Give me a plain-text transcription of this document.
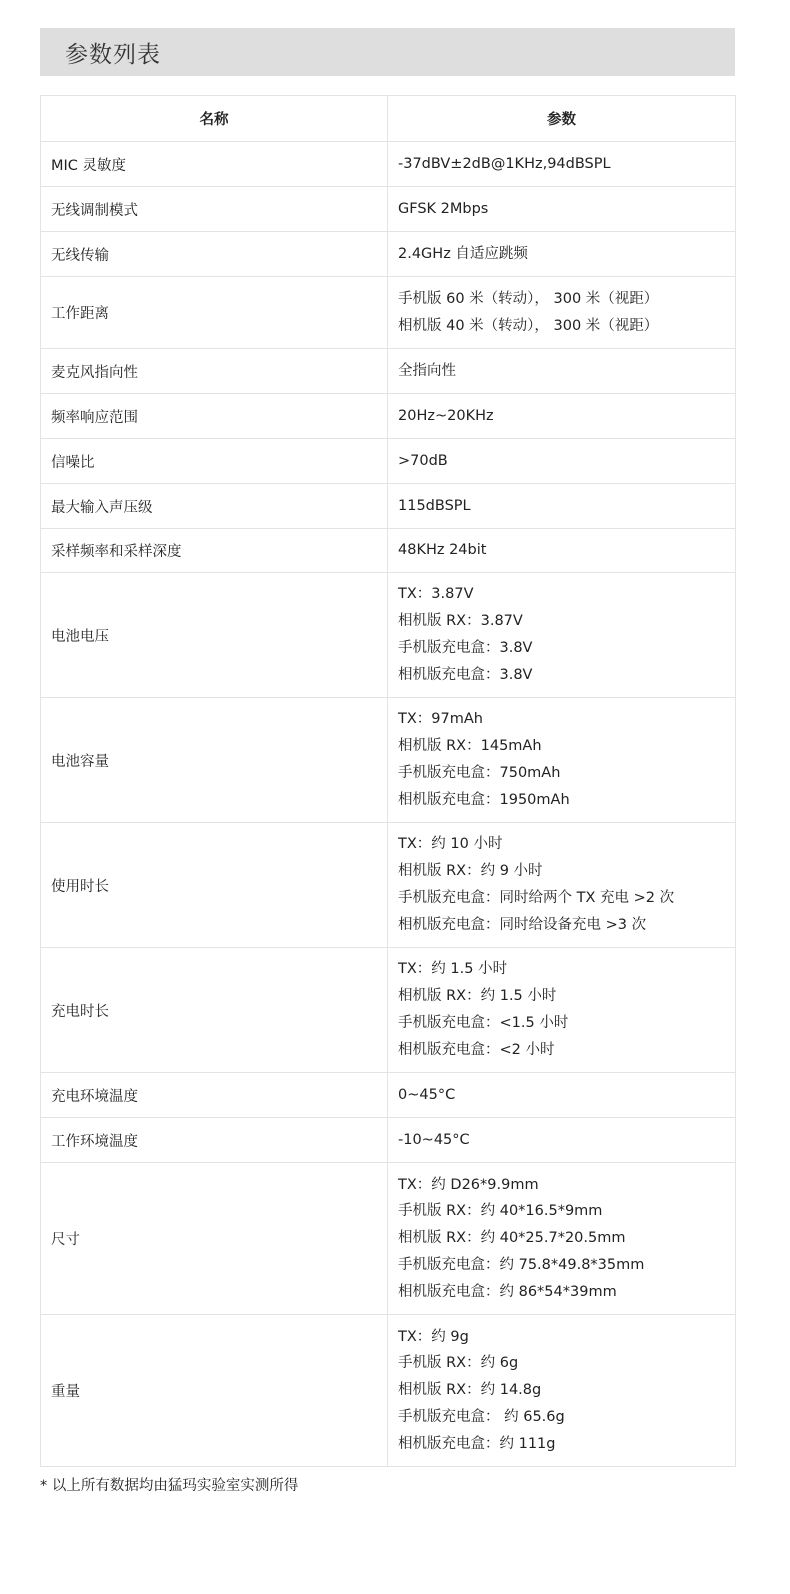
参数列表
名称	参数
MIC 灵敏度	-37dBV±2dB@1KHz,94dBSPL

无线调制模式	GFSK 2Mbps

无线传输	2.4GHz 自适应跳频

工作距离	手机版 60 米（转动）， 300 米（视距）
相机版 40 米（转动）， 300 米（视距）

麦克风指向性	全指向性

频率响应范围	20Hz~20KHz

信噪比	>70dB

最大输入声压级	115dBSPL

采样频率和采样深度	48KHz 24bit

电池电压	TX：3.87V
相机版 RX：3.87V
手机版充电盒：3.8V
相机版充电盒：3.8V

电池容量	TX：97mAh
相机版 RX：145mAh
手机版充电盒：750mAh
相机版充电盒：1950mAh

使用时长	TX：约 10 小时
相机版 RX：约 9 小时
手机版充电盒：同时给两个 TX 充电 >2 次
相机版充电盒：同时给设备充电 >3 次

充电时长	TX：约 1.5 小时
相机版 RX：约 1.5 小时
手机版充电盒：<1.5 小时
相机版充电盒：<2 小时

充电环境温度	0~45°C

工作环境温度	-10~45°C

尺寸	TX：约 D26*9.9mm
手机版 RX：约 40*16.5*9mm
相机版 RX：约 40*25.7*20.5mm
手机版充电盒：约 75.8*49.8*35mm
相机版充电盒：约 86*54*39mm

重量	TX：约 9g
手机版 RX：约 6g
相机版 RX：约 14.8g
手机版充电盒： 约 65.6g
相机版充电盒：约 111g
* 以上所有数据均由猛玛实验室实测所得
